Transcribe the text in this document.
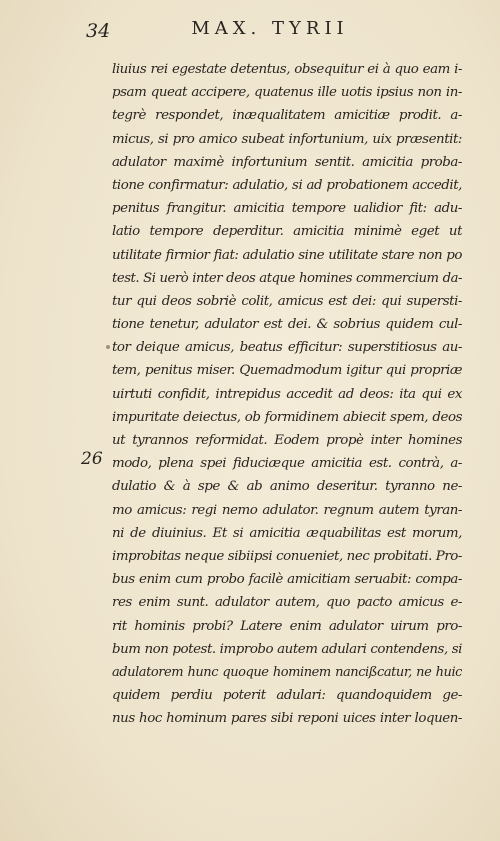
34	MAX. TYRII
26
liuius rei egestate detentus, obsequitur ei à quo eam i-
psam queat accipere, quatenus ille uotis ipsius non in-
tegrè respondet, inæqualitatem amicitiæ prodit. a-
micus, si pro amico subeat infortunium, uix præsentit:
adulator maximè infortunium sentit. amicitia proba-
tione confirmatur: adulatio, si ad probationem accedit,
penitus frangitur. amicitia tempore ualidior fit: adu-
latio tempore deperditur. amicitia minimè eget ut
utilitate firmior fiat: adulatio sine utilitate stare non po
test. Si uerò inter deos atque homines commercium da-
tur qui deos sobriè colit, amicus est dei: qui supersti-
tione tenetur, adulator est dei. & sobrius quidem cul-
tor deique amicus, beatus efficitur: superstitiosus au-
tem, penitus miser. Quemadmodum igitur qui propriæ
uirtuti confidit, intrepidus accedit ad deos: ita qui ex
impuritate deiectus, ob formidinem abiecit spem, deos
ut tyrannos reformidat. Eodem propè inter homines
modo, plena spei fiduciæque amicitia est. contrà, a-
dulatio & à spe & ab animo deseritur. tyranno ne-
mo amicus: regi nemo adulator. regnum autem tyran-
ni de diuinius. Et si amicitia æquabilitas est morum,
improbitas neque sibiipsi conueniet, nec probitati. Pro-
bus enim cum probo facilè amicitiam seruabit: compa-
res enim sunt. adulator autem, quo pacto amicus e-
rit hominis probi? Latere enim adulator uirum pro-
bum non potest. improbo autem adulari contendens, si
adulatorem hunc quoque hominem nancißcatur, ne huic
quidem perdiu poterit adulari: quandoquidem ge-
nus hoc hominum pares sibi reponi uices inter loquen-
